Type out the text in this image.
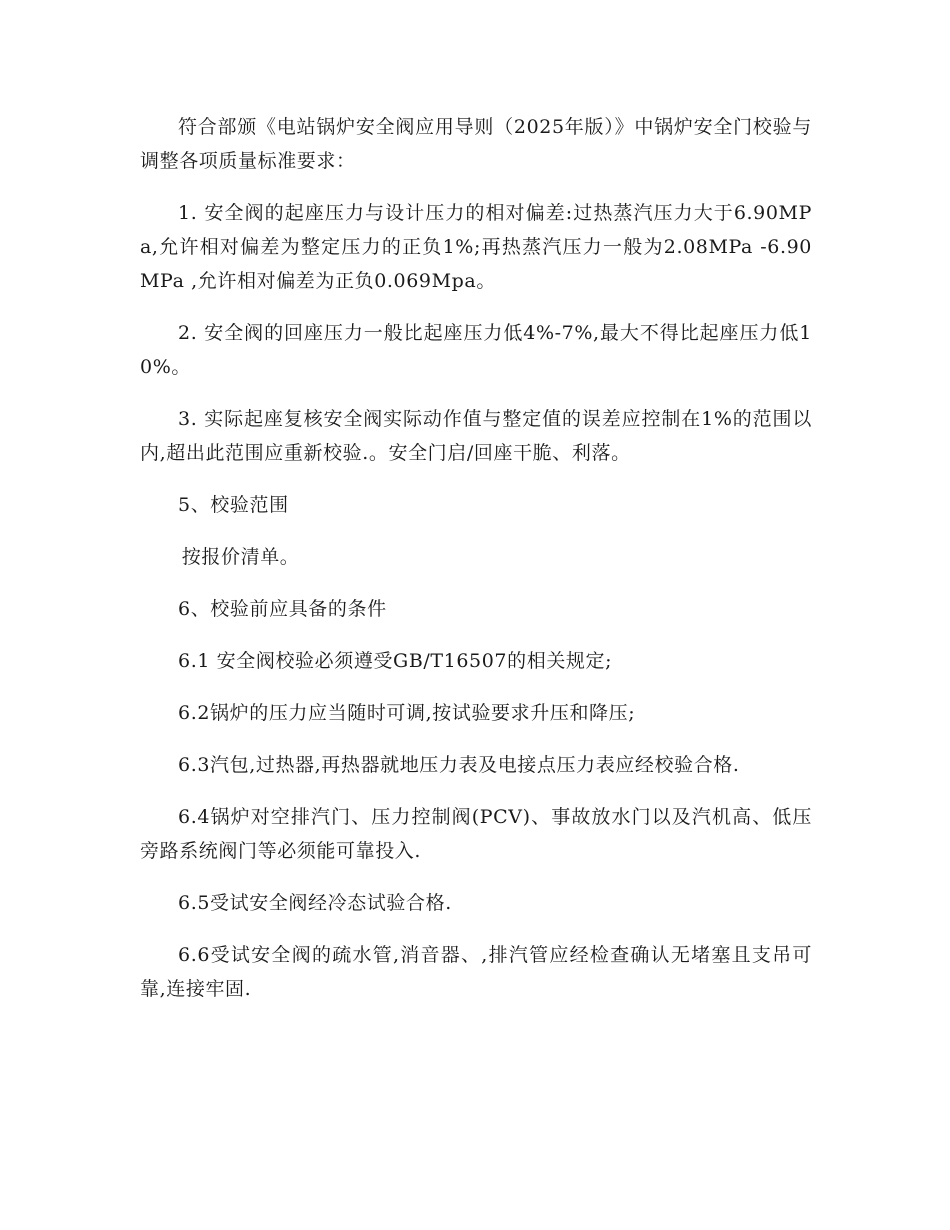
符合部颁《电站锅炉安全阀应用导则（2025年版）》中锅炉安全门校验与调整各项质量标准要求：

1. 安全阀的起座压力与设计压力的相对偏差:过热蒸汽压力大于6.90MPa,允许相对偏差为整定压力的正负1%;再热蒸汽压力一般为2.08MPa -6.90MPa ,允许相对偏差为正负0.069Mpa。

2. 安全阀的回座压力一般比起座压力低4%-7%,最大不得比起座压力低10%。

3. 实际起座复核安全阀实际动作值与整定值的误差应控制在1%的范围以内,超出此范围应重新校验.。安全门启/回座干脆、利落。

5、校验范围

按报价清单。

6、校验前应具备的条件

6.1 安全阀校验必须遵受GB/T16507的相关规定;

6.2锅炉的压力应当随时可调,按试验要求升压和降压;

6.3汽包,过热器,再热器就地压力表及电接点压力表应经校验合格.

6.4锅炉对空排汽门、压力控制阀(PCV)、事故放水门以及汽机高、低压旁路系统阀门等必须能可靠投入.

6.5受试安全阀经冷态试验合格.

6.6受试安全阀的疏水管,消音器、,排汽管应经检查确认无堵塞且支吊可靠,连接牢固.
